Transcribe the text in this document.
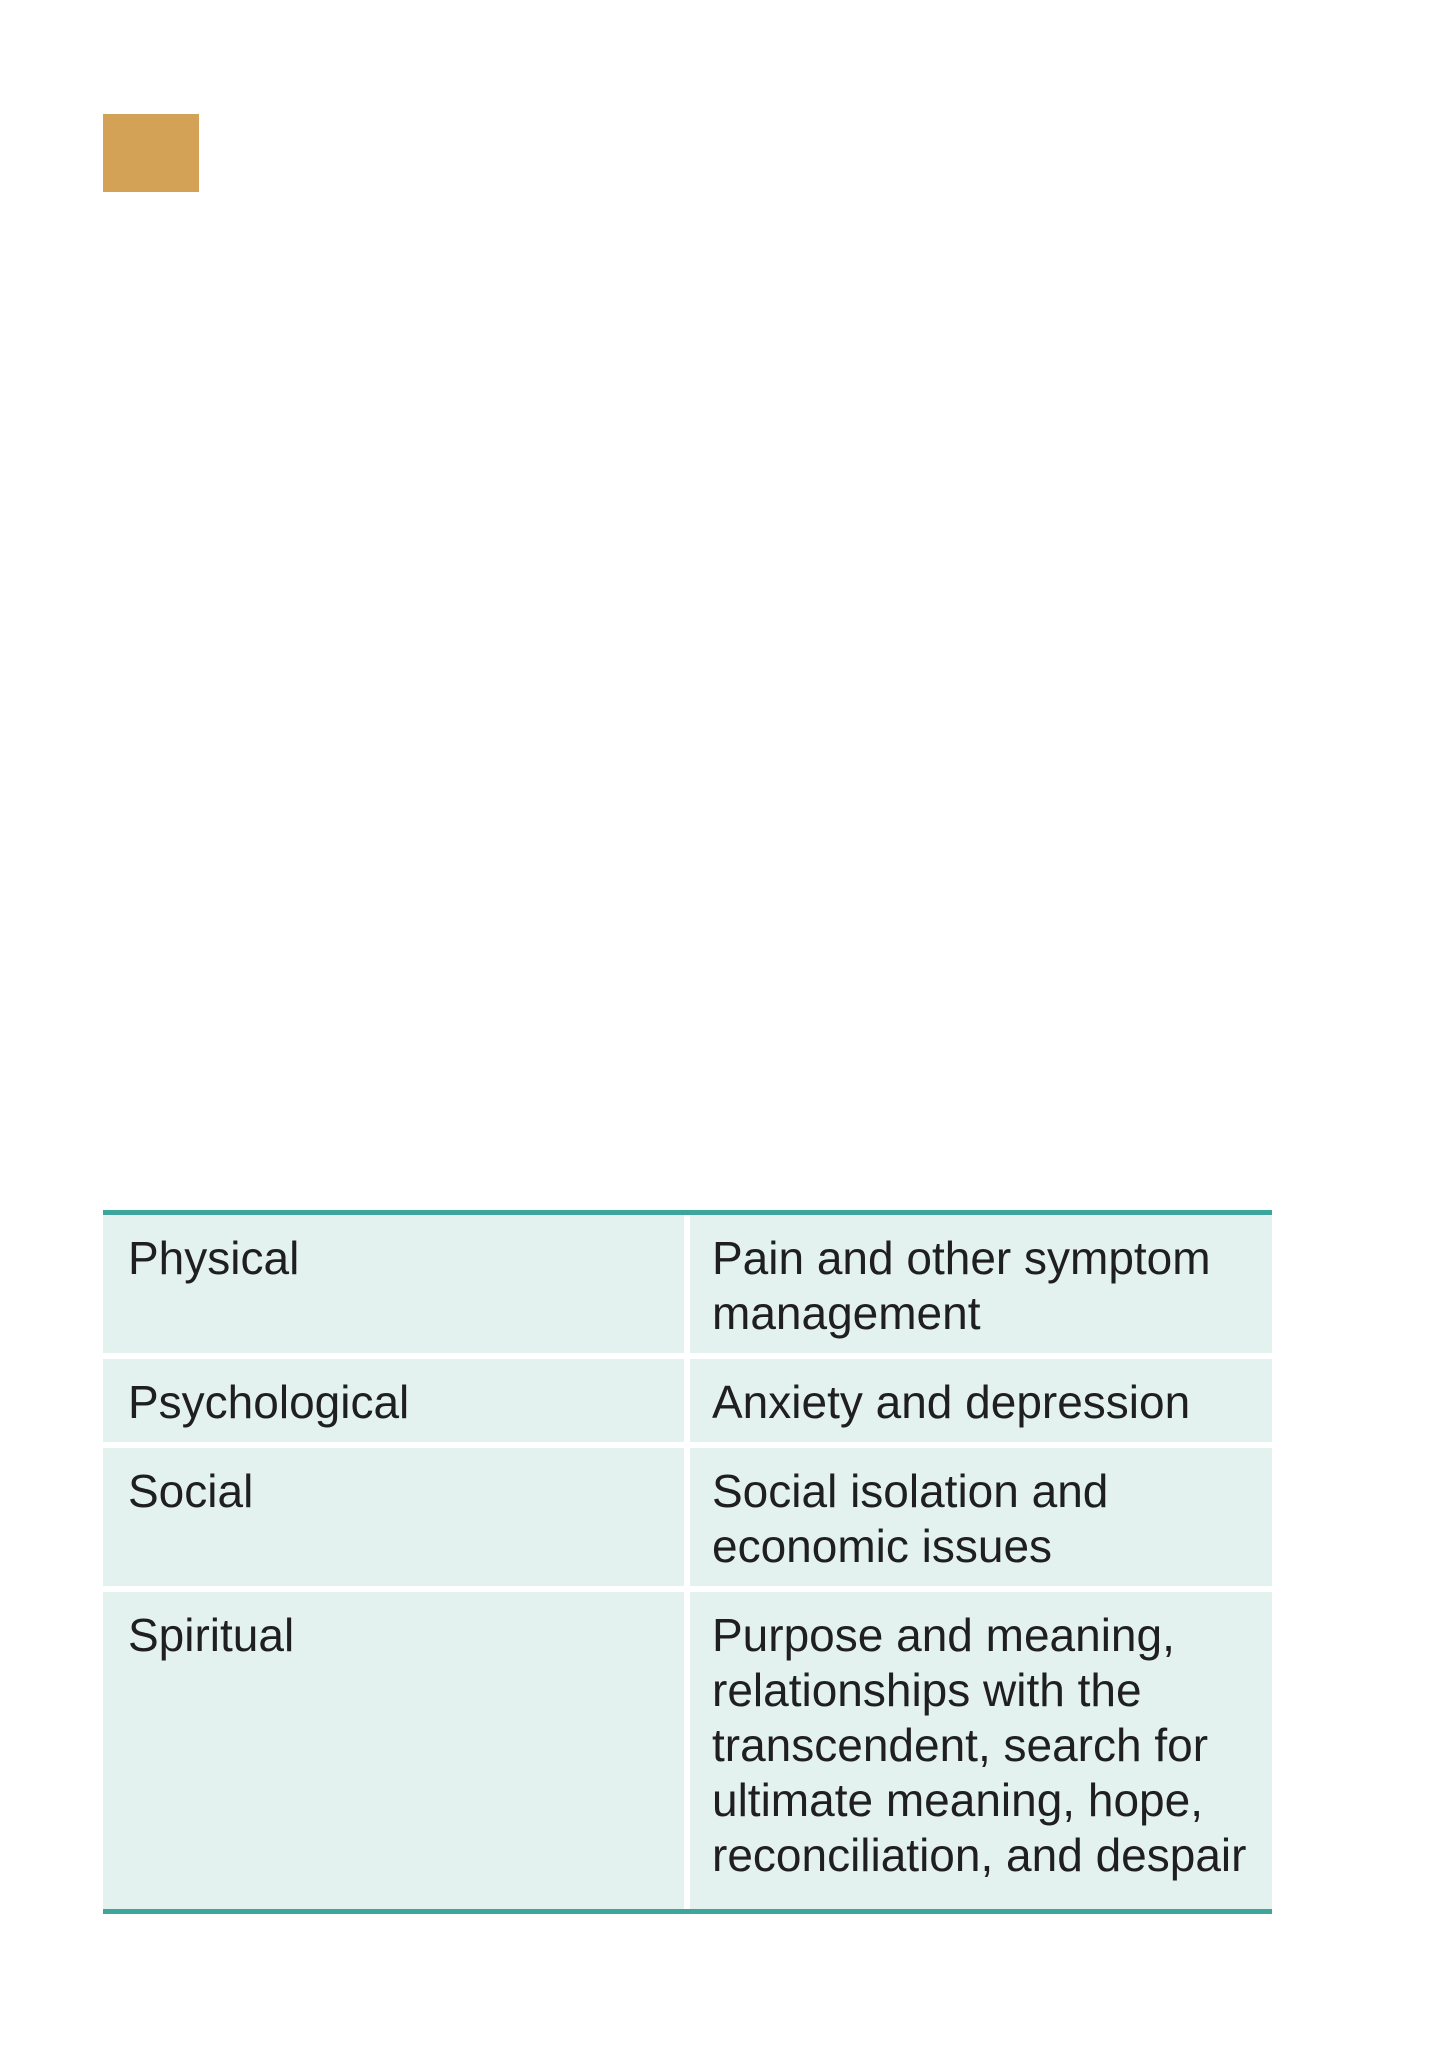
Physical	Pain and other symptom management
Psychological	Anxiety and depression
Social	Social isolation and economic issues
Spiritual	Purpose and meaning, relationships with the transcendent, search for ultimate meaning, hope, reconciliation, and despair
